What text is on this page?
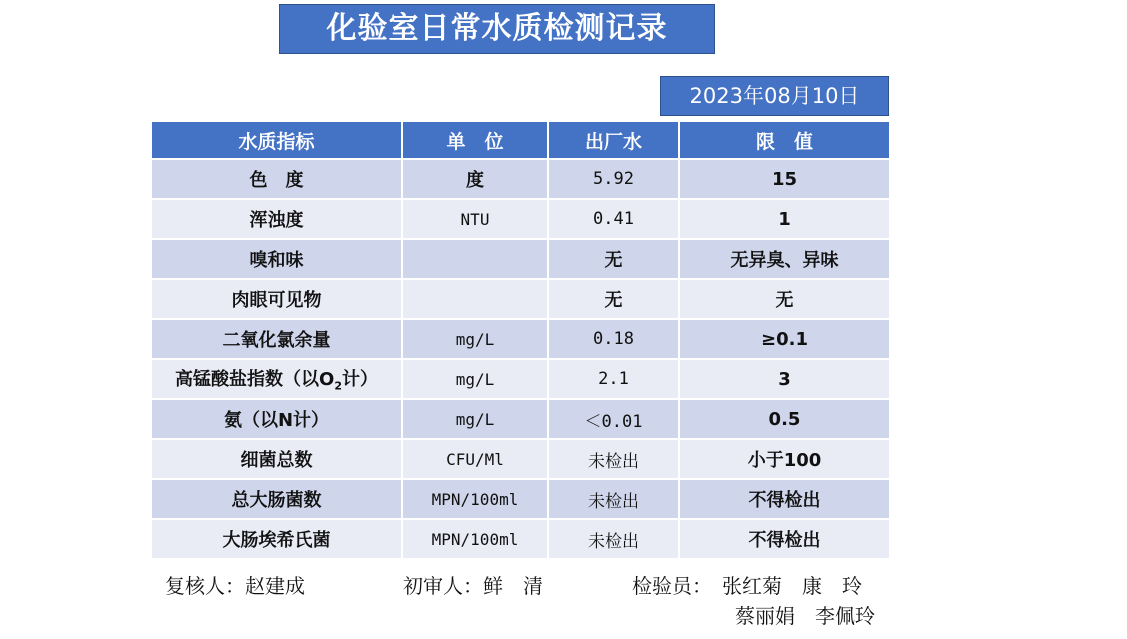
化验室日常水质检测记录
2023年08月10日
水质指标	单　位	出厂水	限　值
色　度	度	5.92	15
浑浊度	NTU	0.41	1
嗅和味		无	无异臭、异味
肉眼可见物		无	无
二氧化氯余量	mg/L	0.18	≥0.1
高锰酸盐指数（以$O_2$计）	mg/L	2.1	3
氨（以N计）	mg/L	＜0.01	0.5
细菌总数	CFU/Ml	未检出	小于100
总大肠菌数	MPN/100ml	未检出	不得检出
大肠埃希氏菌	MPN/100ml	未检出	不得检出
复核人：赵建成	初审人：鲜　清	检验员：　张红菊　康　玲
蔡丽娟　李佩玲
